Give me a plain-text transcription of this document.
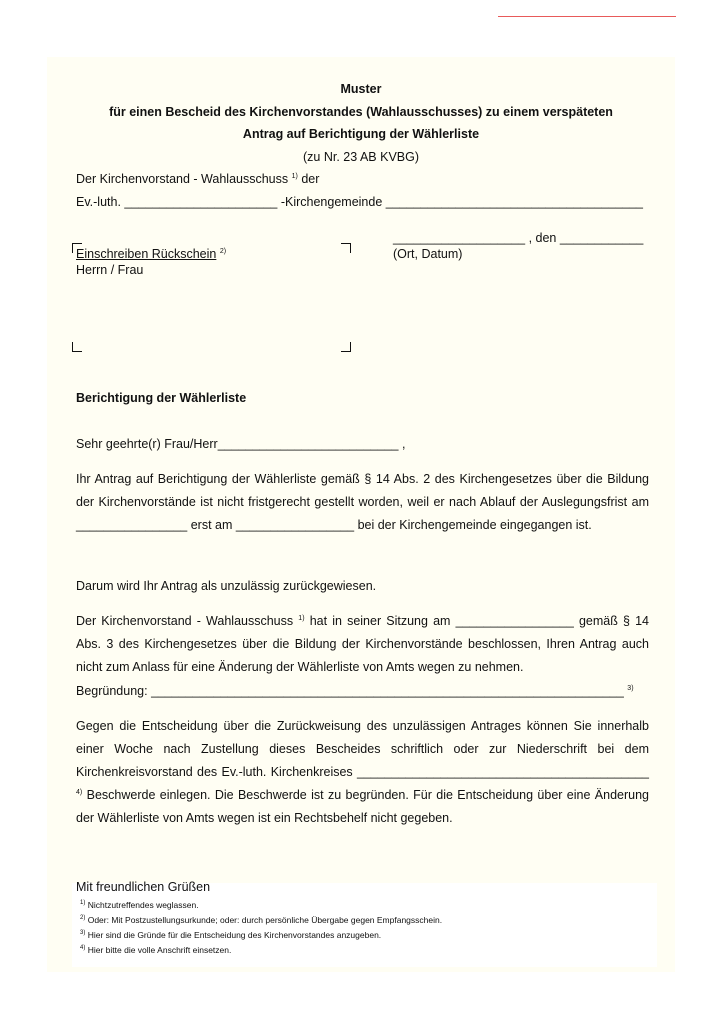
Muster
für einen Bescheid des Kirchenvorstandes (Wahlausschusses) zu einem verspäteten
Antrag auf Berichtigung der Wählerliste
(zu Nr. 23 AB KVBG)
Der Kirchenvorstand - Wahlausschuss $^{1)}$ der
Ev.-luth. ______________________ -Kirchengemeinde _____________________________________
___________________ , den ____________
(Ort, Datum)
Einschreiben Rückschein $^{2)}$
Herrn / Frau
Berichtigung der Wählerliste
Sehr geehrte(r) Frau/Herr__________________________ ,

Ihr Antrag auf Berichtigung der Wählerliste gemäß § 14 Abs. 2 des Kirchengesetzes über die Bildung der Kirchenvorstände ist nicht fristgerecht gestellt worden, weil er nach Ablauf der Auslegungsfrist am ________________ erst am _________________ bei der Kirchengemeinde eingegangen ist.

Darum wird Ihr Antrag als unzulässig zurückgewiesen.

Der Kirchenvorstand - Wahlausschuss $^{1)}$ hat in seiner Sitzung am _________________ gemäß § 14 Abs. 3 des Kirchengesetzes über die Bildung der Kirchenvorstände beschlossen, Ihren Antrag auch nicht zum Anlass für eine Änderung der Wählerliste von Amts wegen zu nehmen.

Begründung: ____________________________________________________________________ $^{3)}$

Gegen die Entscheidung über die Zurückweisung des unzulässigen Antrages können Sie innerhalb einer Woche nach Zustellung dieses Bescheides schriftlich oder zur Niederschrift bei dem Kirchenkreisvorstand des Ev.-luth. Kirchenkreises __________________________________________ $^{4)}$ Beschwerde einlegen. Die Beschwerde ist zu begründen. Für die Entscheidung über eine Änderung der Wählerliste von Amts wegen ist ein Rechtsbehelf nicht gegeben.

Mit freundlichen Grüßen
$^{1)}$ Nichtzutreffendes weglassen.
$^{2)}$ Oder: Mit Postzustellungsurkunde; oder: durch persönliche Übergabe gegen Empfangsschein.
$^{3)}$ Hier sind die Gründe für die Entscheidung des Kirchenvorstandes anzugeben.
$^{4)}$ Hier bitte die volle Anschrift einsetzen.
